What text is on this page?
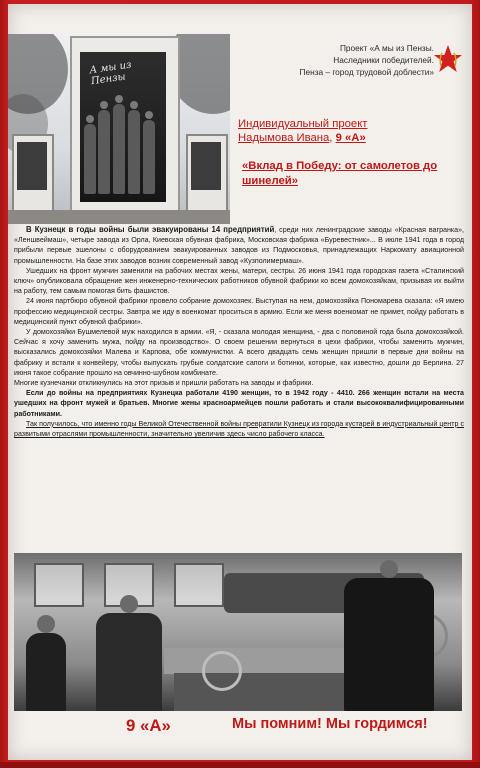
А мы из Пензы
Проект «А мы из Пензы.
Наследники победителей.
Пенза – город трудовой доблести»
Индивидуальный проект
Надымова Ивана, 9 «А»
«Вклад в Победу: от самолетов до шинелей»

В Кузнецк в годы войны были эвакуированы 14 предприятий, среди них ленинградские заводы «Красная вагранка», «Леншвеймаш», четыре завода из Орла, Киевская обувная фабрика, Московская фабрика «Буревестник»... В июле 1941 года в город прибыли первые эшелоны с оборудованием эвакуированных заводов из Подмосковья, принадлежащих Наркомату авиационной промышленности. На базе этих заводов возник современный завод «Кузполимермаш».

Ушедших на фронт мужчин заменили на рабочих местах жены, матери, сестры. 26 июня 1941 года городская газета «Сталинский ключ» опубликовала обращение жен инженерно-технических работников обувной фабрики ко всем домохозяйкам, призывая их выйти на работу, тем самым помогая бить фашистов.

24 июня партбюро обувной фабрики провело собрание домохозяек. Выступая на нем, домохозяйка Пономарева сказала: «Я имею профессию медицинской сестры. Завтра же иду в военкомат проситься в армию. Если же меня военкомат не примет, пойду работать в медицинский пункт обувной фабрики».

У домохозяйки Бушмелевой муж находился в армии. «Я, - сказала молодая женщина, - два с половиной года была домохозяйкой. Сейчас я хочу заменить мужа, пойду на производство». О своем решении вернуться в цехи фабрики, чтобы заменить мужчин, высказались домохозяйки Малева и Карпова, обе коммунистки. А всего двадцать семь женщин пришли в первые дни войны на фабрику и встали к конвейеру, чтобы выпускать грубые солдатские сапоги и ботинки, которые, как известно, дошли до Берлина. 27 июня такое собрание прошло на овчинно-шубном комбинате.

Многие кузнечанки откликнулись на этот призыв и пришли работать на заводы и фабрики.

Если до войны на предприятиях Кузнецка работали 4190 женщин, то в 1942 году - 4410. 266 женщин встали на места ушедших на фронт мужей и братьев. Многие жены красноармейцев пошли работать и стали высококвалифицированными работниками.

Так получилось, что именно годы Великой Отечественной войны превратили Кузнецк из города кустарей в индустриальный центр с развитыми отраслями промышленности, значительно увеличив здесь число рабочего класса.

9 «А»	Мы помним! Мы гордимся!
